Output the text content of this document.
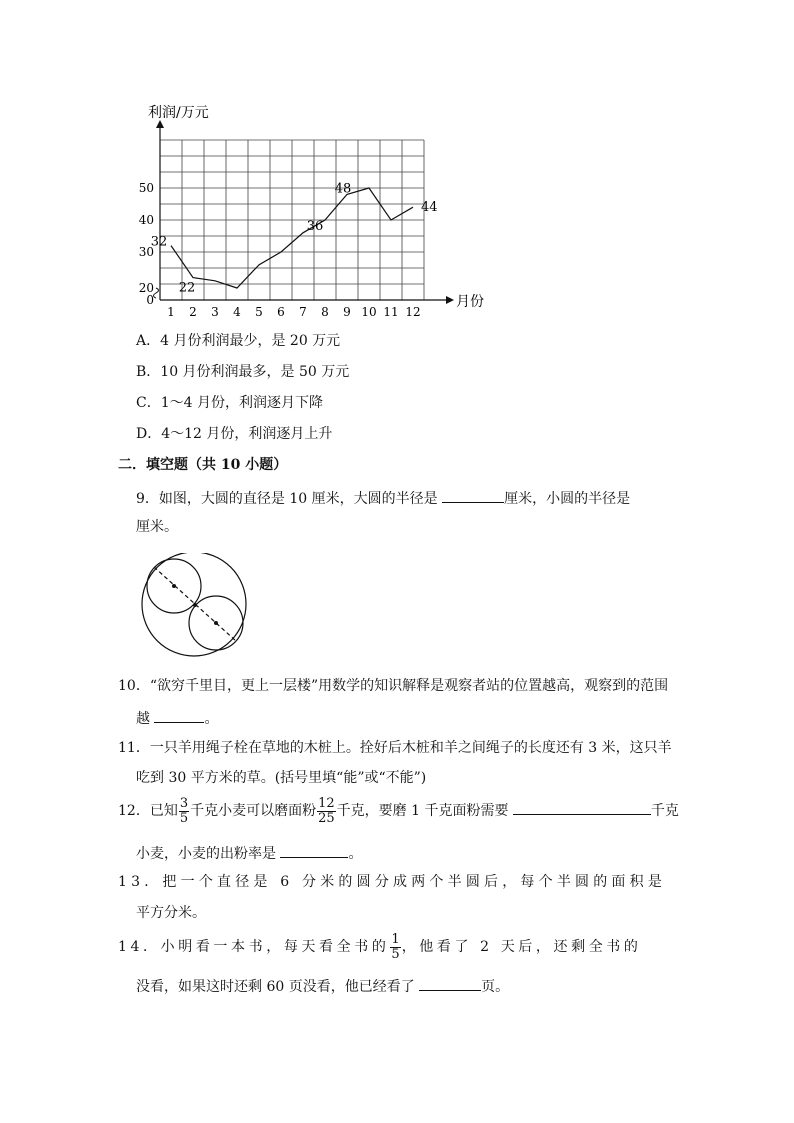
利润/万元
月份
1 2 3 4 5 6 7 8 9 10 11 12
0
20
30
40
50
32
22
36
48
44
A．4 月份利润最少，是 20 万元
B．10 月份利润最多，是 50 万元
C．1～4 月份，利润逐月下降
D．4～12 月份，利润逐月上升
二．填空题（共 10 小题）
9．如图，大圆的直径是 10 厘米，大圆的半径是	厘米，小圆的半径是
厘米。
10．“欲穷千里目，更上一层楼”用数学的知识解释是观察者站的位置越高，观察到的范围
越	。
11．一只羊用绳子栓在草地的木桩上。拴好后木桩和羊之间绳子的长度还有 3 米，这只羊
吃到 30 平方米的草。(括号里填“能”或“不能”)
12．已知 $\frac{3}{5}$ 千克小麦可以磨面粉 $\frac{12}{25}$ 千克，要磨 1 千克面粉需要	千克
小麦，小麦的出粉率是	。
13．把一个直径是 6 分米的圆分成两个半圆后，每个半圆的面积是
平方分米。
14．小明看一本书，每天看全书的 $\frac{1}{5}$ ，他看了 2 天后，还剩全书的
没看，如果这时还剩 60 页没看，他已经看了	页。
